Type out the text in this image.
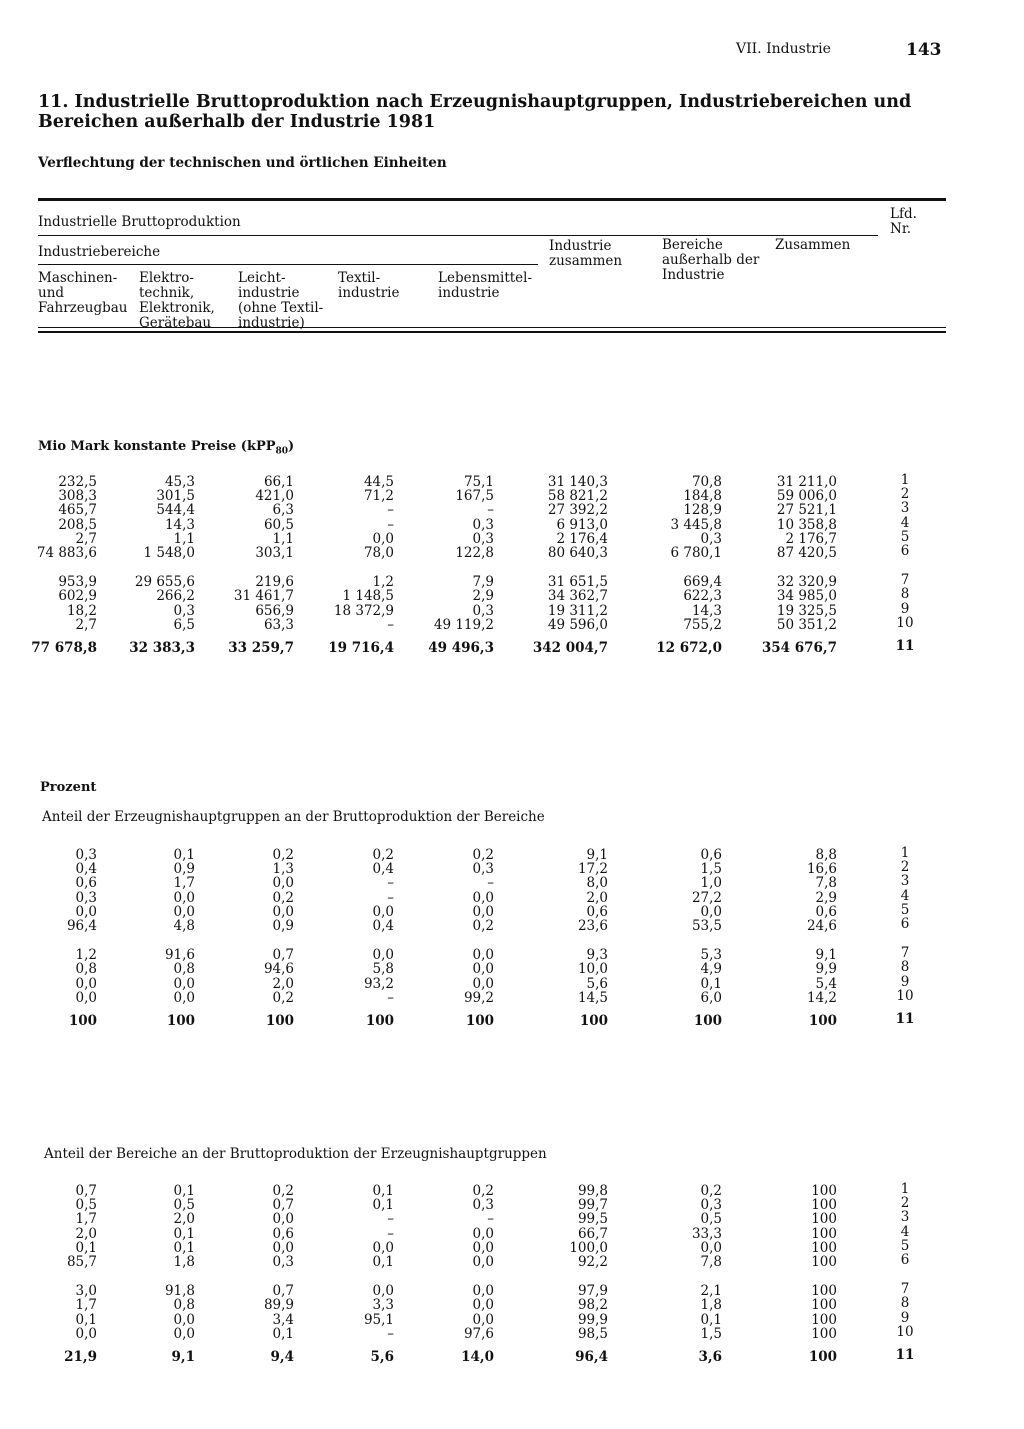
VII. Industrie	143
11. Industrielle Bruttoproduktion nach Erzeugnishauptgruppen, Industriebereichen und Bereichen außerhalb der Industrie 1981
Verflechtung der technischen und örtlichen Einheiten
Industrielle Bruttoproduktion
Industriebereiche
Lfd.
Nr.
Maschinen-
und
Fahrzeugbau
Elektro-
technik,
Elektronik,
Gerätebau
Leicht-
industrie
(ohne Textil-
industrie)
Textil-
industrie
Lebensmittel-
industrie
Industrie
zusammen
Bereiche
außerhalb der
Industrie
Zusammen
Mio Mark konstante Preise (kPP$_{80}$)
Prozent
Anteil der Erzeugnishauptgruppen an der Bruttoproduktion der Bereiche
Anteil der Bereiche an der Bruttoproduktion der Erzeugnishauptgruppen
232,5
308,3
465,7
208,5
2,7
74 883,6
953,9
602,9
18,2
2,7
77 678,8
45,3
301,5
544,4
14,3
1,1
1 548,0
29 655,6
266,2
0,3
6,5
32 383,3
66,1
421,0
6,3
60,5
1,1
303,1
219,6
31 461,7
656,9
63,3
33 259,7
44,5
71,2
–
–
0,0
78,0
1,2
1 148,5
18 372,9
–
19 716,4
75,1
167,5
–
0,3
0,3
122,8
7,9
2,9
0,3
49 119,2
49 496,3
31 140,3
58 821,2
27 392,2
6 913,0
2 176,4
80 640,3
31 651,5
34 362,7
19 311,2
49 596,0
342 004,7
70,8
184,8
128,9
3 445,8
0,3
6 780,1
669,4
622,3
14,3
755,2
12 672,0
31 211,0
59 006,0
27 521,1
10 358,8
2 176,7
87 420,5
32 320,9
34 985,0
19 325,5
50 351,2
354 676,7
1
2
3
4
5
6
7
8
9
10
11
0,3
0,4
0,6
0,3
0,0
96,4
1,2
0,8
0,0
0,0
100
0,1
0,9
1,7
0,0
0,0
4,8
91,6
0,8
0,0
0,0
100
0,2
1,3
0,0
0,2
0,0
0,9
0,7
94,6
2,0
0,2
100
0,2
0,4
–
–
0,0
0,4
0,0
5,8
93,2
–
100
0,2
0,3
–
0,0
0,0
0,2
0,0
0,0
0,0
99,2
100
9,1
17,2
8,0
2,0
0,6
23,6
9,3
10,0
5,6
14,5
100
0,6
1,5
1,0
27,2
0,0
53,5
5,3
4,9
0,1
6,0
100
8,8
16,6
7,8
2,9
0,6
24,6
9,1
9,9
5,4
14,2
100
1
2
3
4
5
6
7
8
9
10
11
0,7
0,5
1,7
2,0
0,1
85,7
3,0
1,7
0,1
0,0
21,9
0,1
0,5
2,0
0,1
0,1
1,8
91,8
0,8
0,0
0,0
9,1
0,2
0,7
0,0
0,6
0,0
0,3
0,7
89,9
3,4
0,1
9,4
0,1
0,1
–
–
0,0
0,1
0,0
3,3
95,1
–
5,6
0,2
0,3
–
0,0
0,0
0,0
0,0
0,0
0,0
97,6
14,0
99,8
99,7
99,5
66,7
100,0
92,2
97,9
98,2
99,9
98,5
96,4
0,2
0,3
0,5
33,3
0,0
7,8
2,1
1,8
0,1
1,5
3,6
100
100
100
100
100
100
100
100
100
100
100
1
2
3
4
5
6
7
8
9
10
11
